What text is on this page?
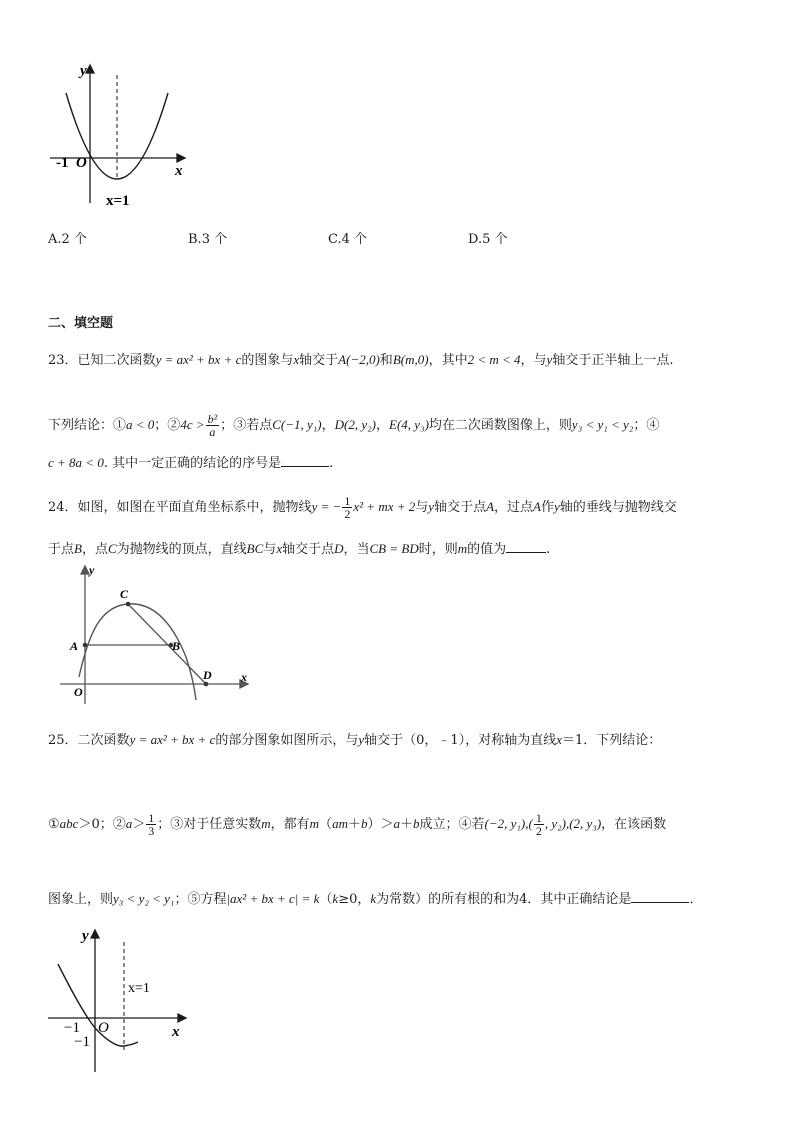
y
x
-1 O
x=1
A.2 个	B.3 个	C.4 个	D.5 个
二、填空题
23．已知二次函数y = ax² + bx + c的图象与x轴交于A(−2,0)和B(m,0)，其中2 < m < 4，与y轴交于正半轴上一点.
下列结论：①a < 0；②4c > $\frac{\text{b²}}{a}$ ；③若点C(−1, y₁)，D(2, y₂)，E(4, y₃)均在二次函数图像上，则y₃ < y₁ < y₂；④
c + 8a < 0. 其中一定正确的结论的序号是	.
24．如图，如图在平面直角坐标系中，抛物线y = − $\frac{1}{2} x^2$ + mx + 2与y轴交于点A，过点A作y轴的垂线与抛物线交
于点B，点C为抛物线的顶点，直线BC与x轴交于点D，当CB = BD时，则m的值为	.
y
x
O
A	B
C
D
25．二次函数y = ax² + bx + c的部分图象如图所示，与y轴交于（0，﹣1），对称轴为直线x＝1．下列结论：
①abc＞0；②a＞ $\frac{1}{3}$ ；③对于任意实数m，都有m（am＋b）＞a＋b成立；④若(−2, $y_1),( \frac{1}{2}$ , y₂),(2, y₃)，在该函数
图象上，则y₃ < y₂ < y₁；⑤方程|ax² + bx + c| = k（k≥0，k为常数）的所有根的和为4．其中正确结论是	．
y
x
O
−1
−1
x=1
